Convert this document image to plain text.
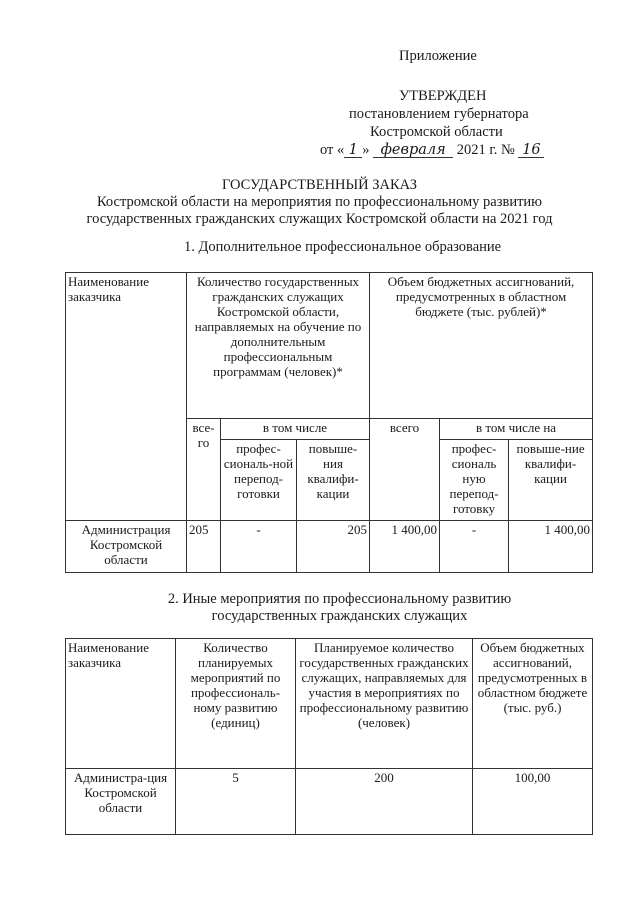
Приложение
УТВЕРЖДЕН
постановлением губернатора
Костромской области
от « 1 » февраля 2021 г. № 16
ГОСУДАРСТВЕННЫЙ ЗАКАЗ
Костромской области на мероприятия по профессиональному развитию
государственных гражданских служащих Костромской области на 2021 год
1. Дополнительное профессиональное образование
Наименование заказчика	Количество государственных гражданских служащих Костромской области, направляемых на обучение по дополнительным профессиональным программам (человек)*			Объем бюджетных ассигнований, предусмотренных в областном бюджете (тыс. рублей)*		
	все-го	в том числе		всего	в том числе на	
		профес-сиональ-ной перепод-готовки	повыше-ния квалифи-кации		профес-сиональ ную перепод-готовку	повыше-ние квалифи-кации
Администрация Костромской области	205	-	205	1 400,00	-	1 400,00
2. Иные мероприятия по профессиональному развитию
государственных гражданских служащих
Наименование заказчика	Количество планируемых мероприятий по профессиональ-ному развитию (единиц)	Планируемое количество государственных гражданских служащих, направляемых для участия в мероприятиях по профессиональному развитию (человек)	Объем бюджетных ассигнований, предусмотренных в областном бюджете (тыс. руб.)
Администра-ция Костромской области	5	200	100,00
